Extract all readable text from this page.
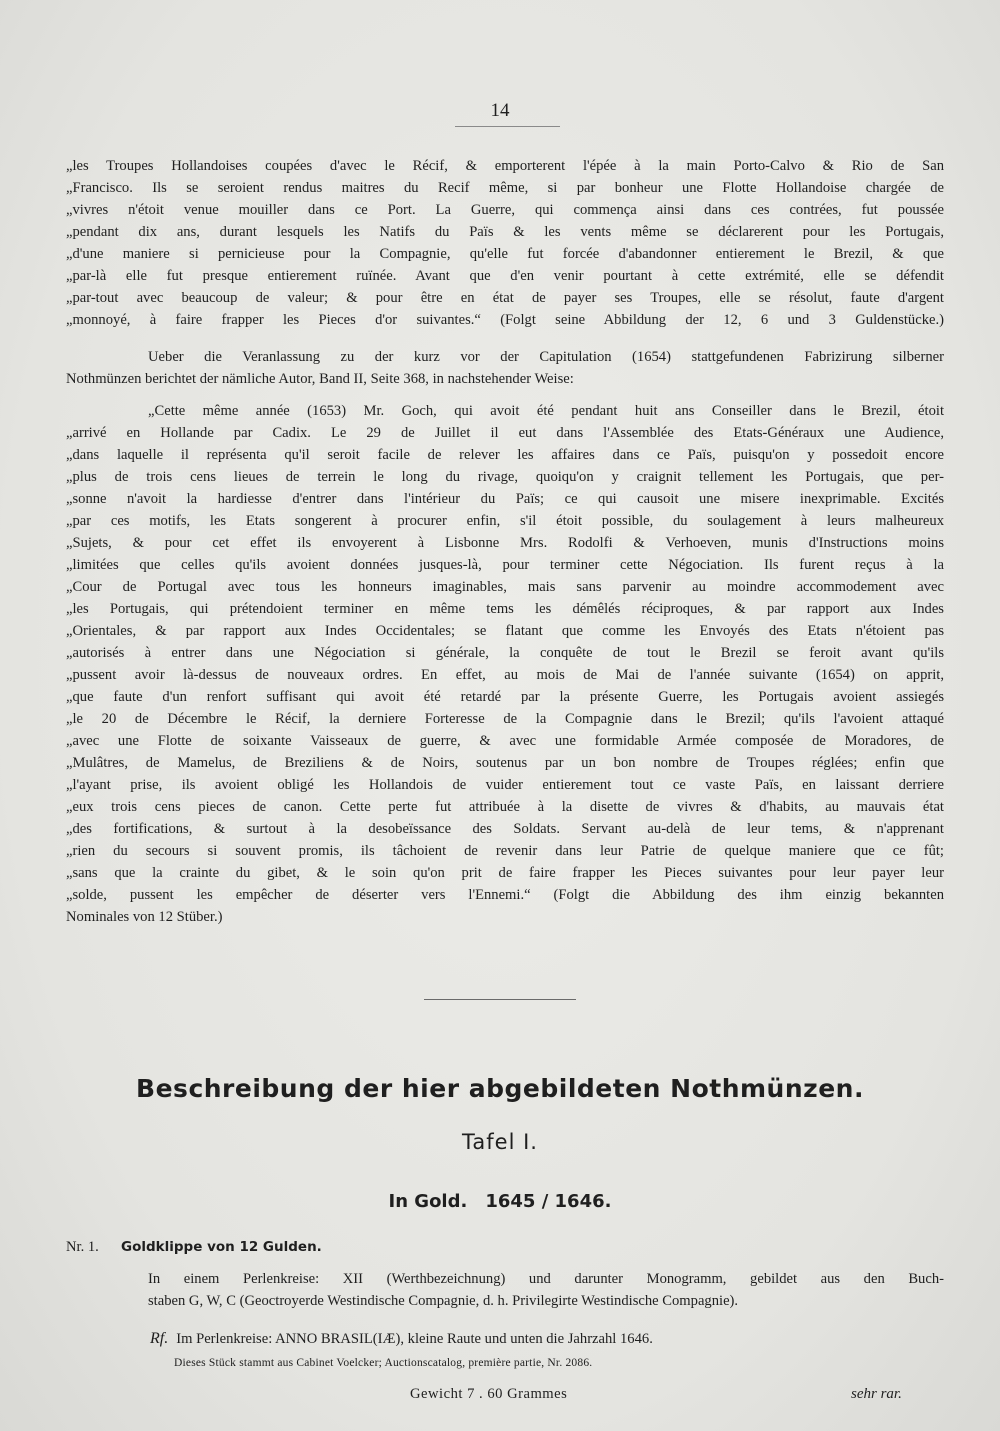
14
„les Troupes Hollandoises coupées d'avec le Récif, & emporterent l'épée à la main Porto-Calvo & Rio de San
„Francisco. Ils se seroient rendus maitres du Recif même, si par bonheur une Flotte Hollandoise chargée de
„vivres n'étoit venue mouiller dans ce Port. La Guerre, qui commença ainsi dans ces contrées, fut poussée
„pendant dix ans, durant lesquels les Natifs du Païs & les vents même se déclarerent pour les Portugais,
„d'une maniere si pernicieuse pour la Compagnie, qu'elle fut forcée d'abandonner entierement le Brezil, & que
„par-là elle fut presque entierement ruïnée. Avant que d'en venir pourtant à cette extrémité, elle se défendit
„par-tout avec beaucoup de valeur; & pour être en état de payer ses Troupes, elle se résolut, faute d'argent
„monnoyé, à faire frapper les Pieces d'or suivantes.“ (Folgt seine Abbildung der 12, 6 und 3 Guldenstücke.)
Ueber die Veranlassung zu der kurz vor der Capitulation (1654) stattgefundenen Fabrizirung silberner
Nothmünzen berichtet der nämliche Autor, Band II, Seite 368, in nachstehender Weise:
„Cette même année (1653) Mr. Goch, qui avoit été pendant huit ans Conseiller dans le Brezil, étoit
„arrivé en Hollande par Cadix. Le 29 de Juillet il eut dans l'Assemblée des Etats-Généraux une Audience,
„dans laquelle il représenta qu'il seroit facile de relever les affaires dans ce Païs, puisqu'on y possedoit encore
„plus de trois cens lieues de terrein le long du rivage, quoiqu'on y craignit tellement les Portugais, que per-
„sonne n'avoit la hardiesse d'entrer dans l'intérieur du Païs; ce qui causoit une misere inexprimable. Excités
„par ces motifs, les Etats songerent à procurer enfin, s'il étoit possible, du soulagement à leurs malheureux
„Sujets, & pour cet effet ils envoyerent à Lisbonne Mrs. Rodolfi & Verhoeven, munis d'Instructions moins
„limitées que celles qu'ils avoient données jusques-là, pour terminer cette Négociation. Ils furent reçus à la
„Cour de Portugal avec tous les honneurs imaginables, mais sans parvenir au moindre accommodement avec
„les Portugais, qui prétendoient terminer en même tems les démêlés réciproques, & par rapport aux Indes
„Orientales, & par rapport aux Indes Occidentales; se flatant que comme les Envoyés des Etats n'étoient pas
„autorisés à entrer dans une Négociation si générale, la conquête de tout le Brezil se feroit avant qu'ils
„pussent avoir là-dessus de nouveaux ordres. En effet, au mois de Mai de l'année suivante (1654) on apprit,
„que faute d'un renfort suffisant qui avoit été retardé par la présente Guerre, les Portugais avoient assiegés
„le 20 de Décembre le Récif, la derniere Forteresse de la Compagnie dans le Brezil; qu'ils l'avoient attaqué
„avec une Flotte de soixante Vaisseaux de guerre, & avec une formidable Armée composée de Moradores, de
„Mulâtres, de Mamelus, de Breziliens & de Noirs, soutenus par un bon nombre de Troupes réglées; enfin que
„l'ayant prise, ils avoient obligé les Hollandois de vuider entierement tout ce vaste Païs, en laissant derriere
„eux trois cens pieces de canon. Cette perte fut attribuée à la disette de vivres & d'habits, au mauvais état
„des fortifications, & surtout à la desobeïssance des Soldats. Servant au-delà de leur tems, & n'apprenant
„rien du secours si souvent promis, ils tâchoient de revenir dans leur Patrie de quelque maniere que ce fût;
„sans que la crainte du gibet, & le soin qu'on prit de faire frapper les Pieces suivantes pour leur payer leur
„solde, pussent les empêcher de déserter vers l'Ennemi.“ (Folgt die Abbildung des ihm einzig bekannten
Nominales von 12 Stüber.)
Beschreibung der hier abgebildeten Nothmünzen.
Tafel I.
In Gold. 1645 / 1646.
Nr. 1. Goldklippe von 12 Gulden.
In einem Perlenkreise: XII (Werthbezeichnung) und darunter Monogramm, gebildet aus den Buch-
staben G, W, C (Geoctroyerde Westindische Compagnie, d. h. Privilegirte Westindische Compagnie).
Rf. Im Perlenkreise: ANNO BRASIL(IÆ), kleine Raute und unten die Jahrzahl 1646.
Dieses Stück stammt aus Cabinet Voelcker; Auctionscatalog, première partie, Nr. 2086.
Gewicht 7 . 60 Grammes	sehr rar.
